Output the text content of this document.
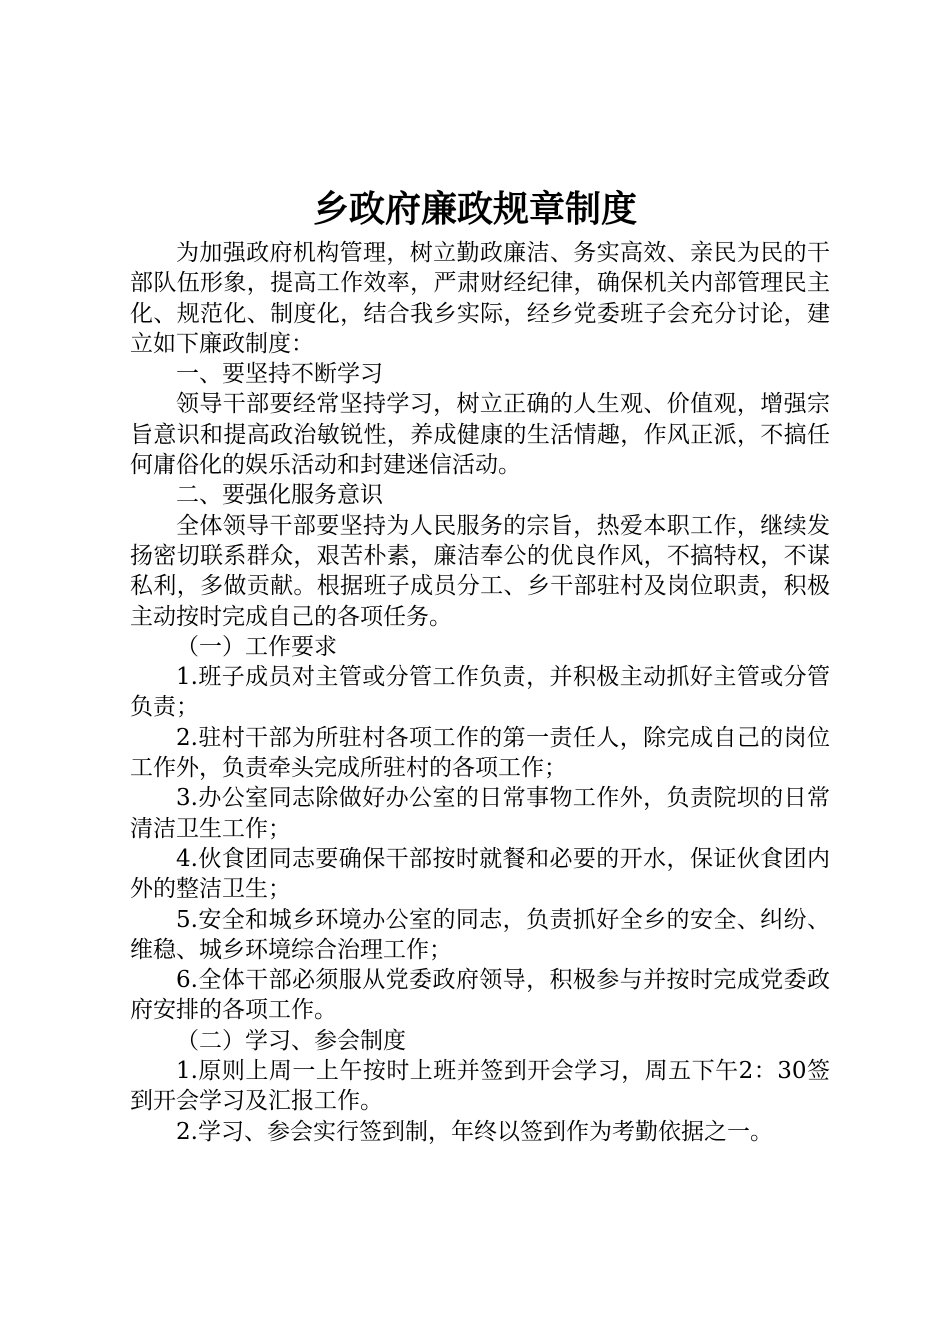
乡政府廉政规章制度

为加强政府机构管理，树立勤政廉洁、务实高效、亲民为民的干部队伍形象，提高工作效率，严肃财经纪律，确保机关内部管理民主化、规范化、制度化，结合我乡实际，经乡党委班子会充分讨论，建立如下廉政制度：

一、要坚持不断学习

领导干部要经常坚持学习，树立正确的人生观、价值观，增强宗旨意识和提高政治敏锐性，养成健康的生活情趣，作风正派，不搞任何庸俗化的娱乐活动和封建迷信活动。

二、要强化服务意识

全体领导干部要坚持为人民服务的宗旨，热爱本职工作，继续发扬密切联系群众，艰苦朴素，廉洁奉公的优良作风，不搞特权，不谋私利，多做贡献。根据班子成员分工、乡干部驻村及岗位职责，积极主动按时完成自己的各项任务。

（一）工作要求

1.班子成员对主管或分管工作负责，并积极主动抓好主管或分管负责；

2.驻村干部为所驻村各项工作的第一责任人，除完成自己的岗位工作外，负责牵头完成所驻村的各项工作；

3.办公室同志除做好办公室的日常事物工作外，负责院坝的日常清洁卫生工作；

4.伙食团同志要确保干部按时就餐和必要的开水，保证伙食团内外的整洁卫生；

5.安全和城乡环境办公室的同志，负责抓好全乡的安全、纠纷、维稳、城乡环境综合治理工作；

6.全体干部必须服从党委政府领导，积极参与并按时完成党委政府安排的各项工作。

（二）学习、参会制度

1.原则上周一上午按时上班并签到开会学习，周五下午2：30签到开会学习及汇报工作。

2.学习、参会实行签到制，年终以签到作为考勤依据之一。
